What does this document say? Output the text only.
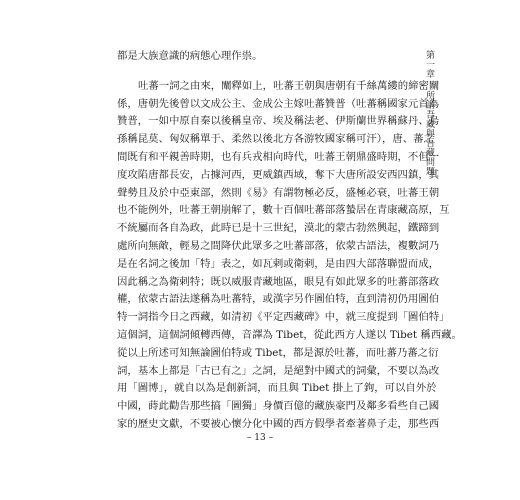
第一章所謂吾藏與吾藏問題
都是大族意識的病態心理作祟。
吐蕃一詞之由來，闡釋如上，吐蕃王朝與唐朝有千絲萬縷的締密關
係，唐朝先後曾以文成公主、金成公主嫁吐蕃贊普（吐蕃稱國家元首為
贊普，一如中原自秦以後稱皇帝、埃及稱法老、伊斯蘭世界稱蘇丹、烏
孫稱昆莫、匈奴稱單于、柔然以後北方各游牧國家稱可汗），唐、蕃之
間既有和平親善時期，也有兵戎相向時代，吐蕃王朝鼎盛時期，不但一
度攻陷唐都長安，占據河西，更威鎮西域，奪下大唐所設安西四鎮，其
聲勢且及於中亞東部，然則《易》有謂物極必反，盛極必衰，吐蕃王朝
也不能例外，吐蕃王朝崩解了，數十百個吐蕃部落蟄居在青康藏高原，互
不統屬而各自為政，此時已是十三世紀，漠北的蒙古勃然興起，鐵蹄到
處所向無敵，輕易之間降伏此眾多之吐蕃部落，依蒙古語法，複數詞乃
是在名詞之後加「特」表之，如瓦剌或衛剌，是由四大部落聯盟而成，
因此稱之為衛剌特；既以威服青藏地區，眼見有如此眾多的吐蕃部落政
權，依蒙古語法遂稱為吐蕃特，或漢字另作圖伯特，直到清初仍用圖伯
特一詞指今日之西藏，如清初《平定西藏碑》中，就三度提到「圖伯特」
這個詞，這個詞傾轉西傳，音譯為 Tibet，從此西方人遂以 Tibet 稱西藏。
從以上所述可知無論圖伯特或 Tibet，都是源於吐蕃，而吐蕃乃蕃之衍
詞，基本上都是「古已有之」之詞，是絕對中國式的詞彙，不要以為改
用「圖博」，就自以為是創新詞，而且與 Tibet 掛上了鉤，可以自外於
中國，蒔此勸告那些搞「圖獨」身價百億的藏族豪門及鄰多看些自己國
家的歷史文獻，不要被心懷分化中國的西方假學者牽著鼻子走，那些西
– 13 –
